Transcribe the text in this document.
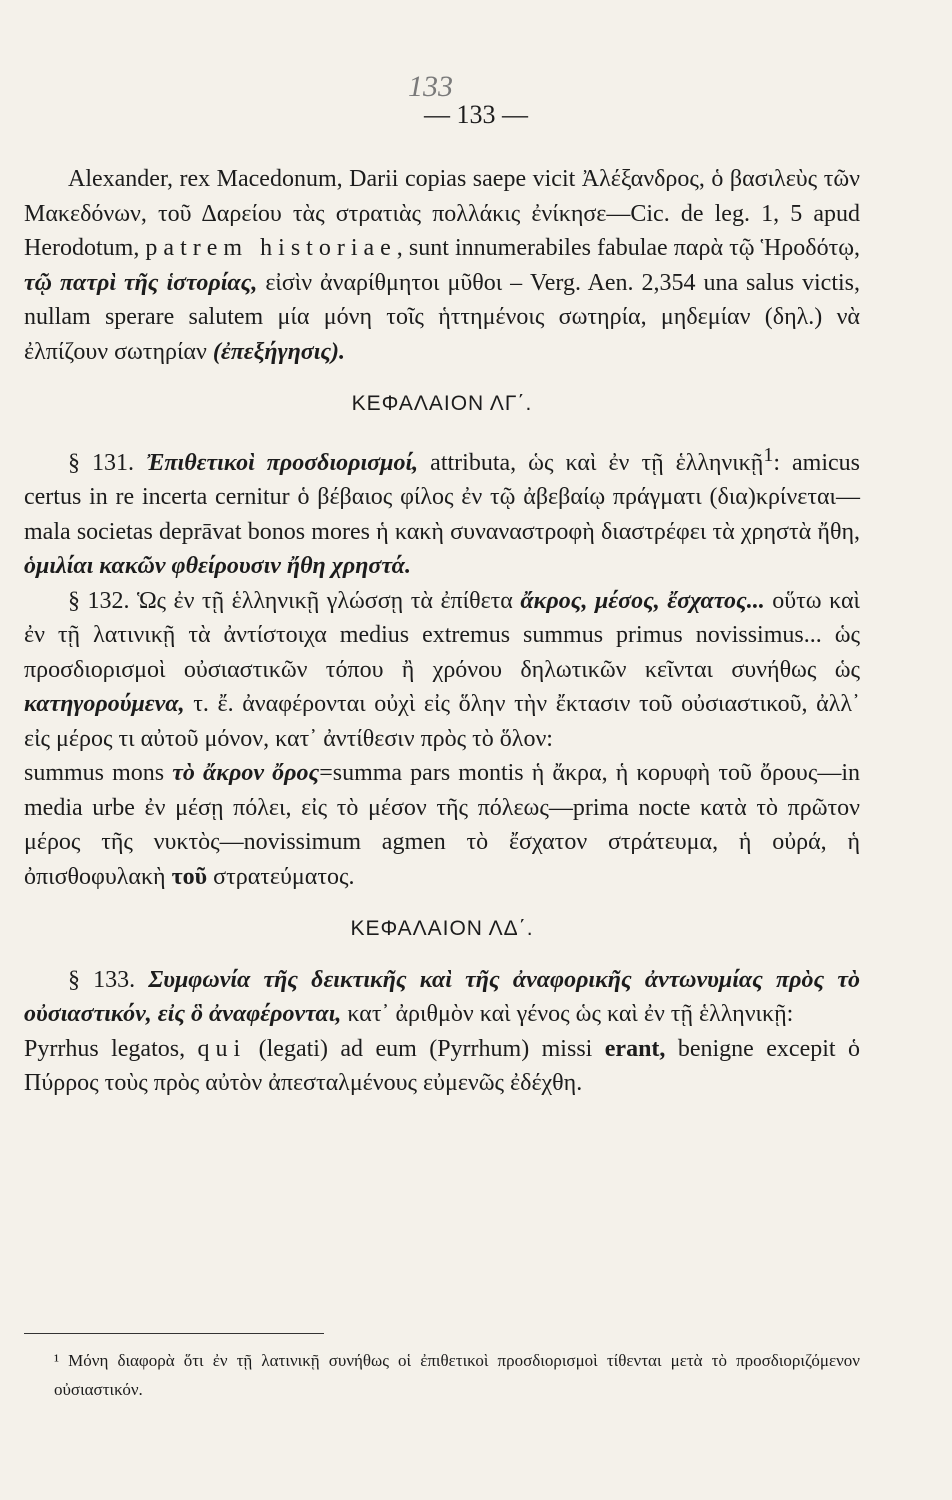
133
— 133 —

Alexander, rex Macedonum, Darii copias saepe vicit Ἀλέξανδρος, ὁ βασιλεὺς τῶν Μακεδόνων, τοῦ Δαρείου τὰς στρατιὰς πολλάκις ἐνίκησε—Cic. de leg. 1, 5 apud Herodotum, patrem historiae, sunt innumerabiles fabulae παρὰ τῷ Ἡροδότῳ, τῷ πατρὶ τῆς ἱστορίας, εἰσὶν ἀναρίθμητοι μῦθοι – Verg. Aen. 2,354 una salus victis, nullam sperare salutem μία μόνη τοῖς ἡττημένοις σωτηρία, μηδεμίαν (δηλ.) νὰ ἐλπίζουν σωτηρίαν (ἐπεξήγησις).

ΚΕΦΑΛΑΙΟΝ ΛΓ΄.

§ 131. Ἐπιθετικοὶ προσδιορισμοί, attributa, ὡς καὶ ἐν τῇ ἑλληνικῇ$^1$: amicus certus in re incerta cernitur ὁ βέβαιος φίλος ἐν τῷ ἀβεβαίῳ πράγματι (δια)κρίνεται—mala societas deprāvat bonos mores ἡ κακὴ συναναστροφὴ διαστρέφει τὰ χρηστὰ ἤθη, ὁμιλίαι κακῶν φθείρουσιν ἤθη χρηστά.

§ 132. Ὡς ἐν τῇ ἑλληνικῇ γλώσσῃ τὰ ἐπίθετα ἄκρος, μέσος, ἔσχατος... οὕτω καὶ ἐν τῇ λατινικῇ τὰ ἀντίστοιχα medius extremus summus primus novissimus... ὡς προσδιορισμοὶ οὐσιαστικῶν τόπου ἢ χρόνου δηλωτικῶν κεῖνται συνήθως ὡς κατηγορούμενα, τ. ἔ. ἀναφέρονται οὐχὶ εἰς ὅλην τὴν ἔκτασιν τοῦ οὐσιαστικοῦ, ἀλλ᾽ εἰς μέρος τι αὐτοῦ μόνον, κατ᾽ ἀντίθεσιν πρὸς τὸ ὅλον:

summus mons τὸ ἄκρον ὄρος=summa pars montis ἡ ἄκρα, ἡ κορυφὴ τοῦ ὄρους—in media urbe ἐν μέσῃ πόλει, εἰς τὸ μέσον τῆς πόλεως—prima nocte κατὰ τὸ πρῶτον μέρος τῆς νυκτὸς—novissimum agmen τὸ ἔσχατον στράτευμα, ἡ οὐρά, ἡ ὀπισθοφυλακὴ τοῦ στρατεύματος.

ΚΕΦΑΛΑΙΟΝ ΛΔ΄.

§ 133. Συμφωνία τῆς δεικτικῆς καὶ τῆς ἀναφορικῆς ἀντωνυμίας πρὸς τὸ οὐσιαστικόν, εἰς ὃ ἀναφέρονται, κατ᾽ ἀριθμὸν καὶ γένος ὡς καὶ ἐν τῇ ἑλληνικῇ:

Pyrrhus legatos, qui (legati) ad eum (Pyrrhum) missi erant, benigne excepit ὁ Πύρρος τοὺς πρὸς αὐτὸν ἀπεσταλμένους εὐμενῶς ἐδέχθη.

¹ Μόνη διαφορὰ ὅτι ἐν τῇ λατινικῇ συνήθως οἱ ἐπιθετικοὶ προσδιορισμοὶ τίθενται μετὰ τὸ προσδιοριζόμενον οὐσιαστικόν.
